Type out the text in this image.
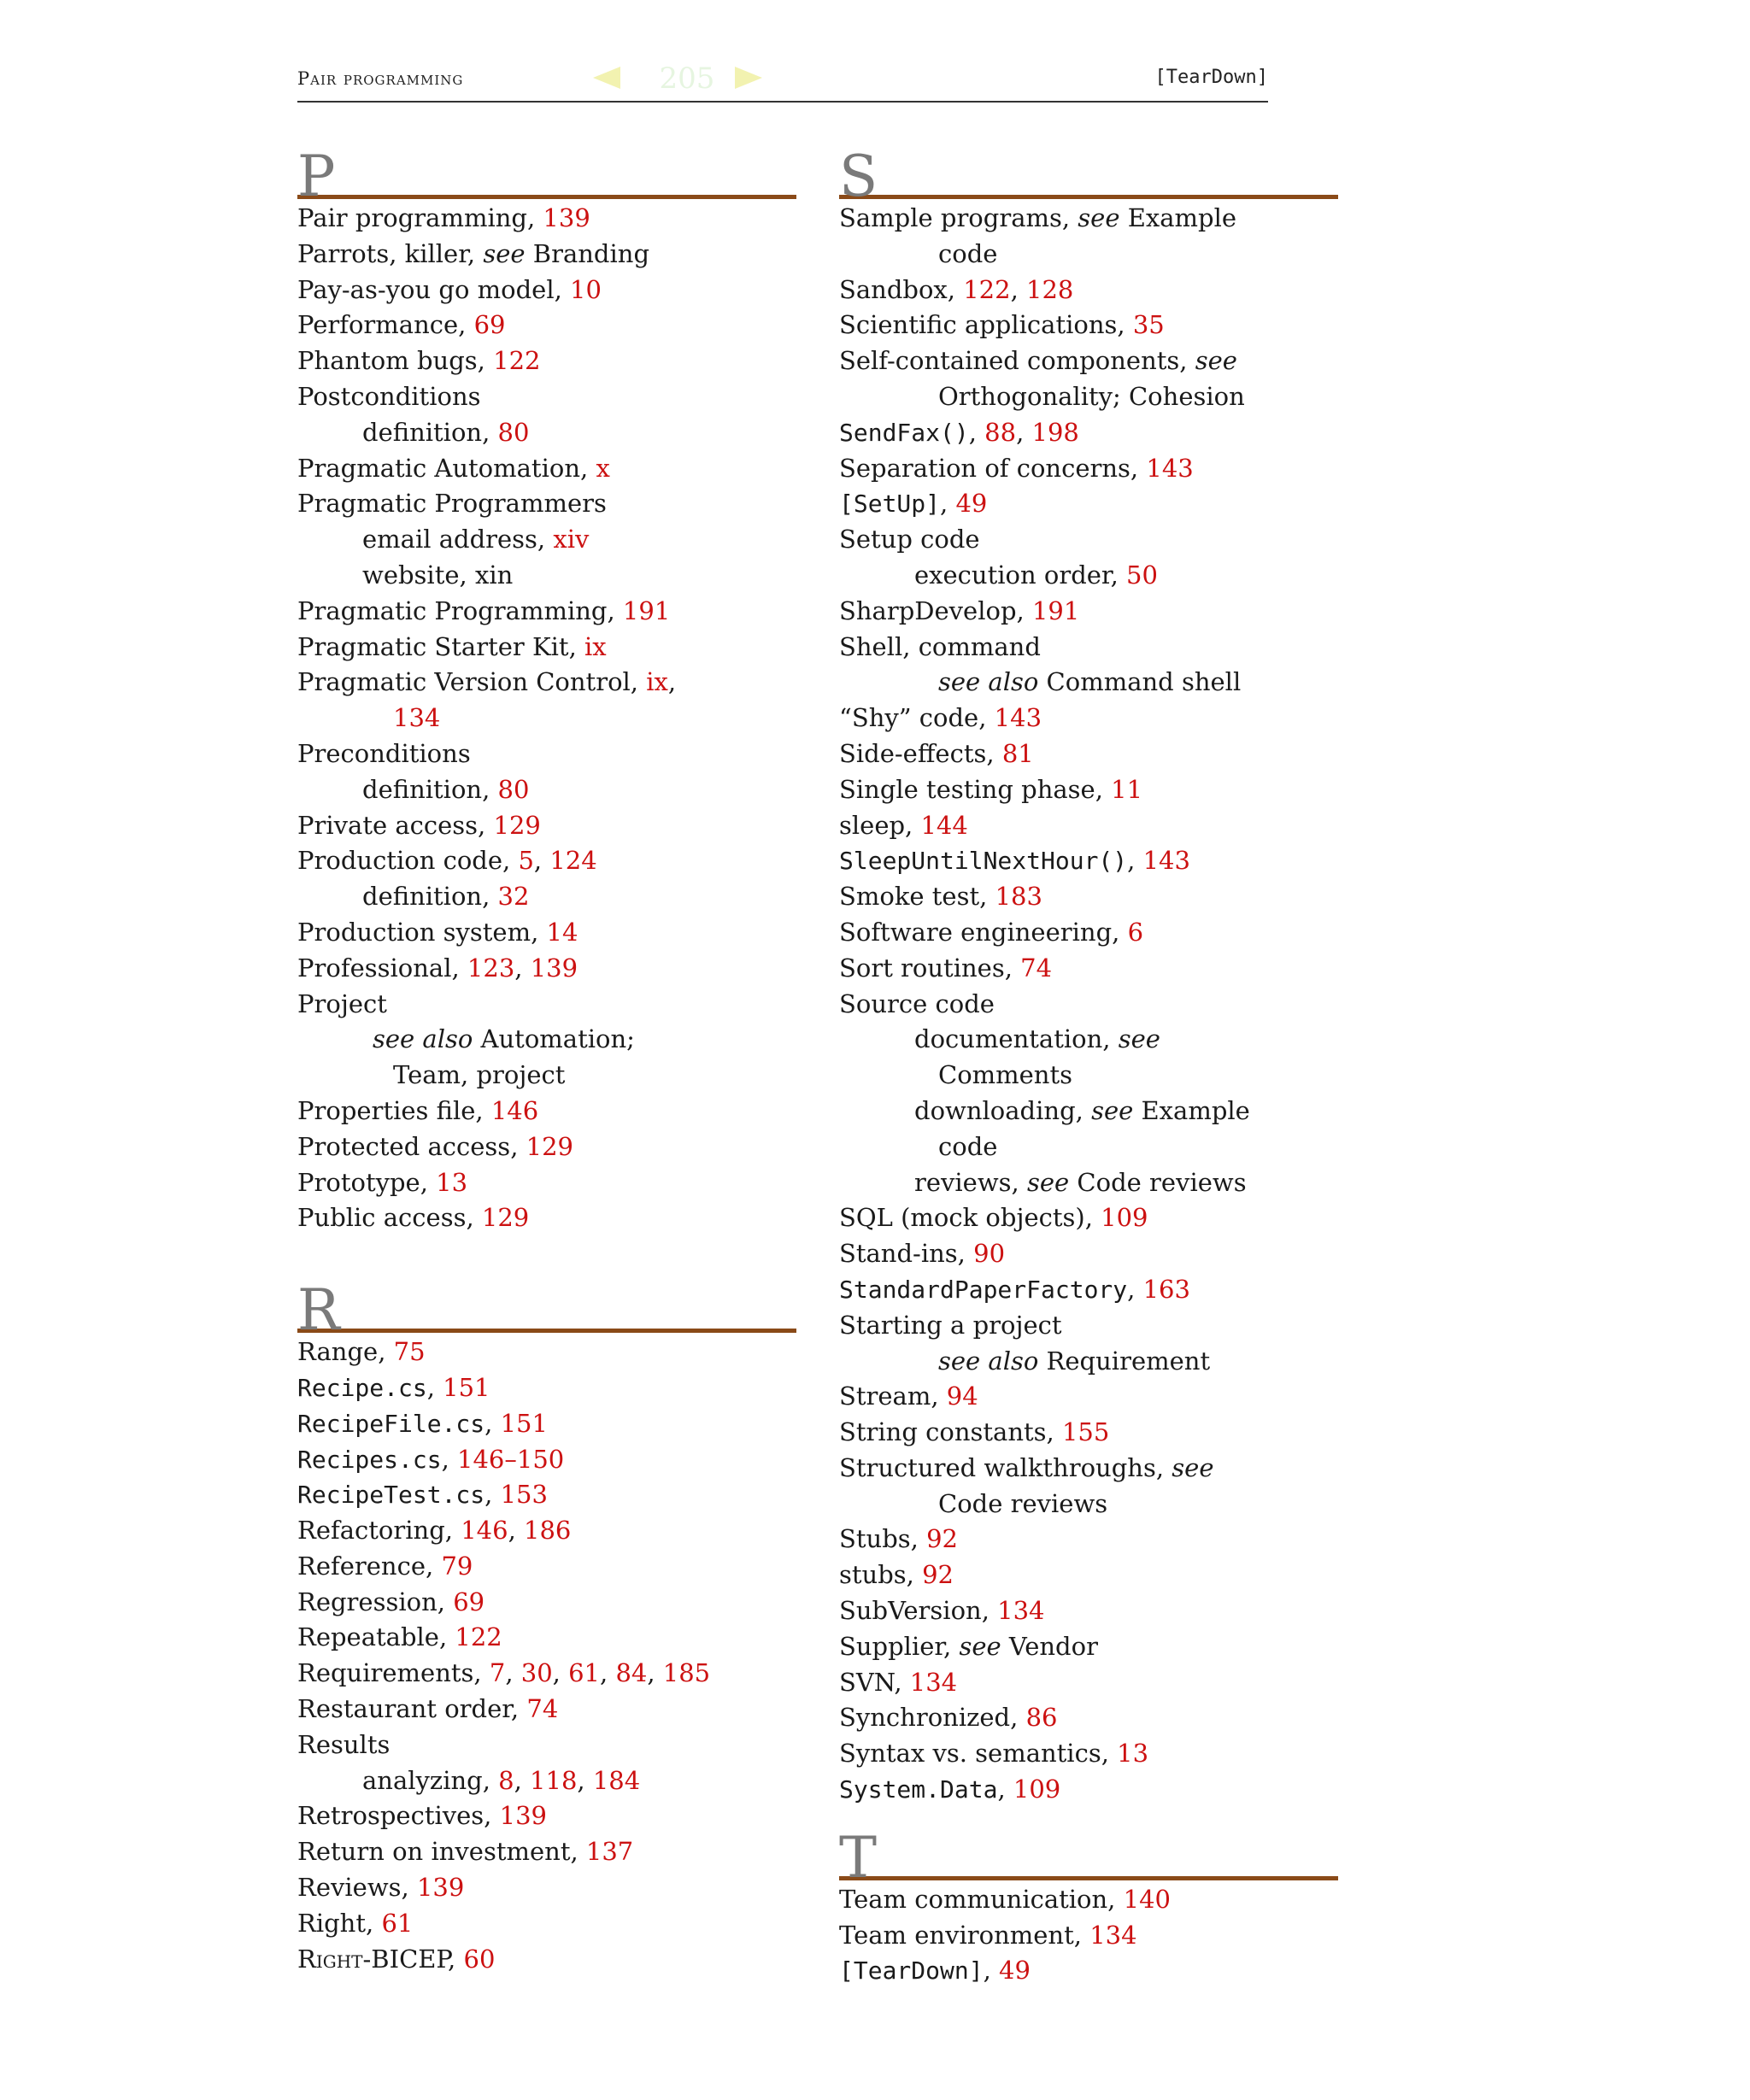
Pair programming	205	[TearDown]
P
Pair programming, 139
Parrots, killer, see Branding
Pay-as-you go model, 10
Performance, 69
Phantom bugs, 122
Postconditions
definition, 80
Pragmatic Automation, x
Pragmatic Programmers
email address, xiv
website, xin
Pragmatic Programming, 191
Pragmatic Starter Kit, ix
Pragmatic Version Control, ix,
134
Preconditions
definition, 80
Private access, 129
Production code, 5, 124
definition, 32
Production system, 14
Professional, 123, 139
Project
see also Automation;
Team, project
Properties file, 146
Protected access, 129
Prototype, 13
Public access, 129
R
Range, 75
Recipe.cs, 151
RecipeFile.cs, 151
Recipes.cs, 146–150
RecipeTest.cs, 153
Refactoring, 146, 186
Reference, 79
Regression, 69
Repeatable, 122
Requirements, 7, 30, 61, 84, 185
Restaurant order, 74
Results
analyzing, 8, 118, 184
Retrospectives, 139
Return on investment, 137
Reviews, 139
Right, 61
Right-BICEP, 60
S
Sample programs, see Example
code
Sandbox, 122, 128
Scientific applications, 35
Self-contained components, see
Orthogonality; Cohesion
SendFax(), 88, 198
Separation of concerns, 143
[SetUp], 49
Setup code
execution order, 50
SharpDevelop, 191
Shell, command
see also Command shell
“Shy” code, 143
Side-effects, 81
Single testing phase, 11
sleep, 144
SleepUntilNextHour(), 143
Smoke test, 183
Software engineering, 6
Sort routines, 74
Source code
documentation, see
Comments
downloading, see Example
code
reviews, see Code reviews
SQL (mock objects), 109
Stand-ins, 90
StandardPaperFactory, 163
Starting a project
see also Requirement
Stream, 94
String constants, 155
Structured walkthroughs, see
Code reviews
Stubs, 92
stubs, 92
SubVersion, 134
Supplier, see Vendor
SVN, 134
Synchronized, 86
Syntax vs. semantics, 13
System.Data, 109
T
Team communication, 140
Team environment, 134
[TearDown], 49
